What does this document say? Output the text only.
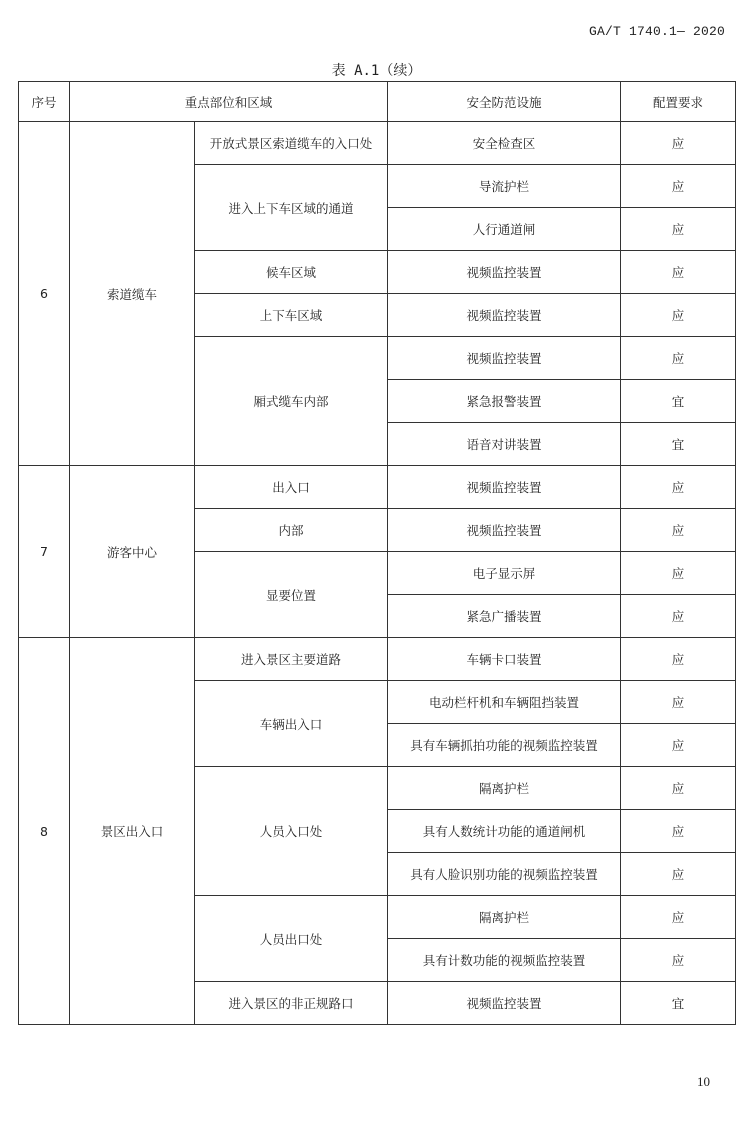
GA/T 1740.1— 2020
表 A.1（续）
序号	重点部位和区域		安全防范设施	配置要求
6	索道缆车	开放式景区索道缆车的入口处	安全检查区	应
		进入上下车区域的通道	导流护栏	应
			人行通道闸	应
		候车区域	视频监控装置	应
		上下车区域	视频监控装置	应
		厢式缆车内部	视频监控装置	应
			紧急报警装置	宜
			语音对讲装置	宜
7	游客中心	出入口	视频监控装置	应
		内部	视频监控装置	应
		显要位置	电子显示屏	应
			紧急广播装置	应
8	景区出入口	进入景区主要道路	车辆卡口装置	应
		车辆出入口	电动栏杆机和车辆阻挡装置	应
			具有车辆抓拍功能的视频监控装置	应
		人员入口处	隔离护栏	应
			具有人数统计功能的通道闸机	应
			具有人脸识别功能的视频监控装置	应
		人员出口处	隔离护栏	应
			具有计数功能的视频监控装置	应
		进入景区的非正规路口	视频监控装置	宜
10
